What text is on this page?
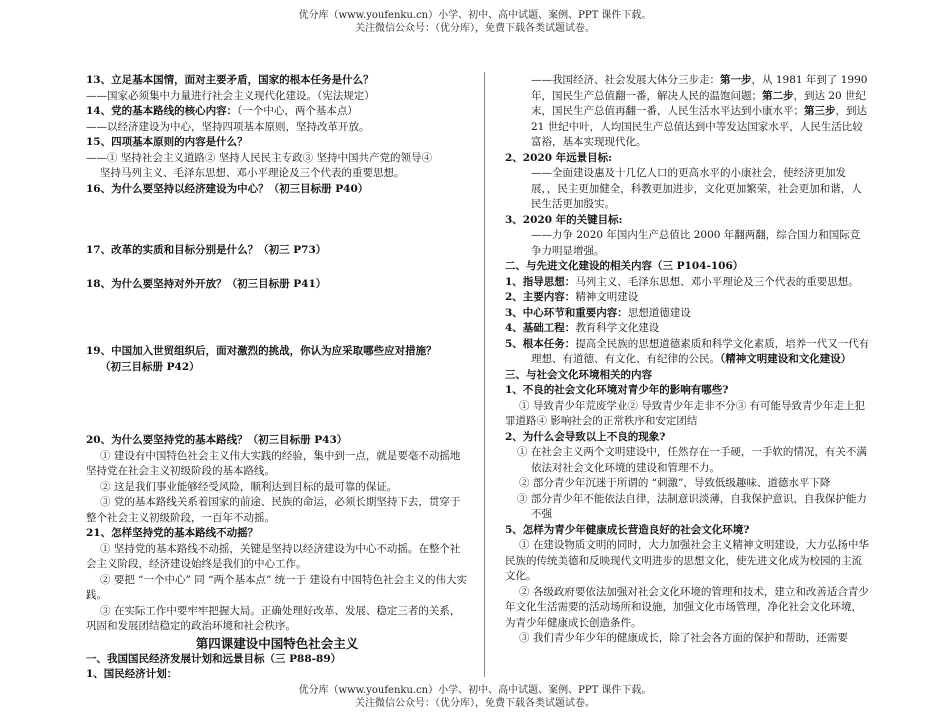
优分库（www.youfenku.cn）小学、初中、高中试题、案例、PPT 课件下载。
关注微信公众号：（优分库），免费下载各类试题试卷。

13、立足基本国情，面对主要矛盾，国家的根本任务是什么？

——国家必须集中力量进行社会主义现代化建设。（宪法规定）

14、党的基本路线的核心内容：（一个中心，两个基本点）

——以经济建设为中心，坚持四项基本原则，坚持改革开放。

15、四项基本原则的内容是什么？

——① 坚持社会主义道路② 坚持人民民主专政③ 坚持中国共产党的领导④

坚持马列主义、毛泽东思想、邓小平理论及三个代表的重要思想。

16、为什么要坚持以经济建设为中心？（初三目标册 P40）

17、改革的实质和目标分别是什么？（初三 P73）

18、为什么要坚持对外开放？（初三目标册 P41）

19、中国加入世贸组织后，面对激烈的挑战，你认为应采取哪些应对措施？

（初三目标册 P42）

20、为什么要坚持党的基本路线？（初三目标册 P43）

① 建设有中国特色社会主义伟大实践的经验，集中到一点，就是要毫不动摇地坚持党在社会主义初级阶段的基本路线。

② 这是我们事业能够经受风险，顺利达到目标的最可靠的保证。

③ 党的基本路线关系着国家的前途、民族的命运，必须长期坚持下去，贯穿于整个社会主义初级阶段，一百年不动摇。

21、怎样坚持党的基本路线不动摇？

① 坚持党的基本路线不动摇，关键是坚持以经济建设为中心不动摇。在整个社会主义阶段，经济建设始终是我们的中心工作。

② 要把 “一个中心” 同 “两个基本点” 统一于 建设有中国特色社会主义的伟大实践。

③ 在实际工作中要牢牢把握大局。正确处理好改革、发展、稳定三者的关系，巩固和发展团结稳定的政治环境和社会秩序。

第四课建设中国特色社会主义

一、我国国民经济发展计划和远景目标（三 P88-89）

1、国民经济计划：

——我国经济、社会发展大体分三步走：第一步，从 1981 年到了 1990 年，国民生产总值翻一番，解决人民的温饱问题；第二步，到达 20 世纪末，国民生产总值再翻一番，人民生活水平达到小康水平；第三步，到达 21 世纪中叶，人均国民生产总值达到中等发达国家水平，人民生活比较富裕，基本实现现代化。

2、2020 年远景目标:

——全面建设惠及十几亿人口的更高水平的小康社会，使经济更加发展，，民主更加健全，科教更加进步，文化更加繁荣，社会更加和谐，人民生活更加殷实。

3、2020 年的关键目标:

——力争 2020 年国内生产总值比 2000 年翻两翻，综合国力和国际竞争力明显增强。

二、与先进文化建设的相关内容（三 P104-106）

1、指导思想：马列主义、毛泽东思想、邓小平理论及三个代表的重要思想。

2、主要内容：精神文明建设

3、中心环节和重要内容：思想道德建设

4、基础工程：教育科学文化建设

5、根本任务：提高全民族的思想道德素质和科学文化素质，培养一代又一代有理想、有道德、有文化、有纪律的公民。（精神文明建设和文化建设）

三、与社会文化环境相关的内容

1、不良的社会文化环境对青少年的影响有哪些?

① 导致青少年荒废学业② 导致青少年走非不分③ 有可能导致青少年走上犯罪道路④ 影响社会的正常秩序和安定团结

2、为什么会导致以上不良的现象?

① 在社会主义两个文明建设中，任然存在一手硬，一手软的情况，有关不满依法对社会文化环境的建设和管理不力。

② 部分青少年沉迷于所谓的 “刺激”，导致低级趣味、道德水平下降

③ 部分青少年不能依法自律，法制意识淡薄，自我保护意识，自我保护能力不强

5、怎样为青少年健康成长营造良好的社会文化环境?

① 在建设物质文明的同时，大力加强社会主义精神文明建设，大力弘扬中华民族的传统美德和反映现代文明进步的思想文化，使先进文化成为校园的主流文化。

② 各级政府要依法加强对社会文化环境的管理和技术，建立和改善适合青少年文化生活需要的活动场所和设施，加强文化市场管理，净化社会文化环境，为青少年健康成长创造条件。

③ 我们青少年少年的健康成长，除了社会各方面的保护和帮助，还需要

优分库（www.youfenku.cn）小学、初中、高中试题、案例、PPT 课件下载。
关注微信公众号：（优分库），免费下载各类试题试卷。
